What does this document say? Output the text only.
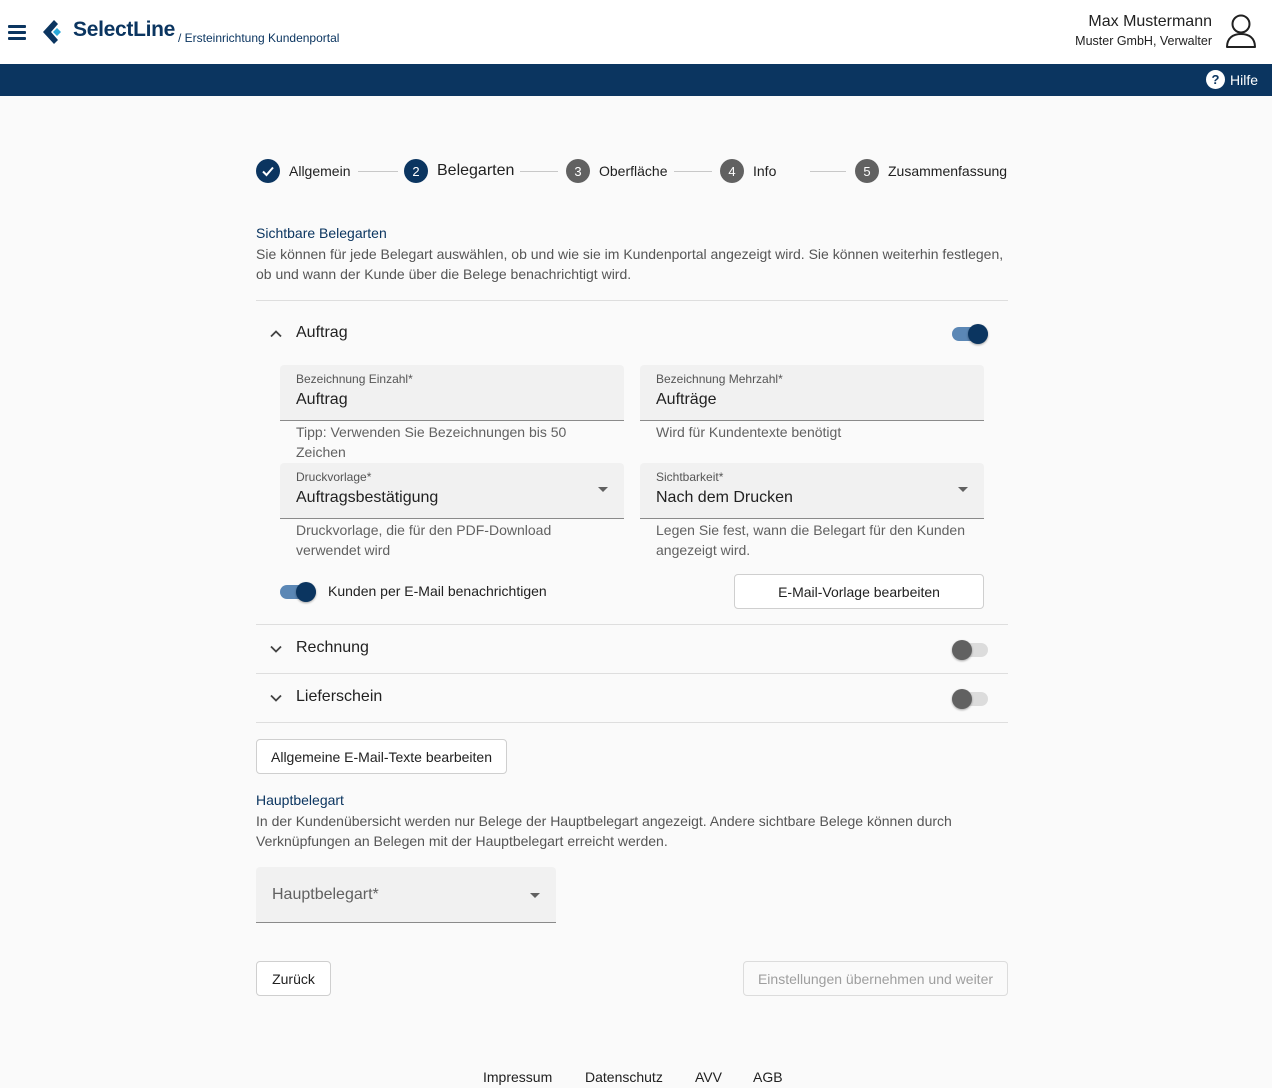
SelectLine / Ersteinrichtung Kundenportal
Max Mustermann
Muster GmbH, Verwalter
? Hilfe
Allgemein	2	Belegarten	3	Oberfläche	4	Info	5	Zusammenfassung
Sichtbare Belegarten
Sie können für jede Belegart auswählen, ob und wie sie im Kundenportal angezeigt wird. Sie können weiterhin festlegen, ob und wann der Kunde über die Belege benachrichtigt wird.
Auftrag
Bezeichnung Einzahl*
Auftrag
Tipp: Verwenden Sie Bezeichnungen bis 50 Zeichen
Bezeichnung Mehrzahl*
Aufträge
Wird für Kundentexte benötigt
Druckvorlage*
Auftragsbestätigung
Druckvorlage, die für den PDF-Download verwendet wird
Sichtbarkeit*
Nach dem Drucken
Legen Sie fest, wann die Belegart für den Kunden angezeigt wird.
Kunden per E-Mail benachrichtigen	E-Mail-Vorlage bearbeiten
Rechnung
Lieferschein
Allgemeine E-Mail-Texte bearbeiten
Hauptbelegart
In der Kundenübersicht werden nur Belege der Hauptbelegart angezeigt. Andere sichtbare Belege können durch Verknüpfungen an Belegen mit der Hauptbelegart erreicht werden.
Hauptbelegart*
Zurück	Einstellungen übernehmen und weiter
Impressum Datenschutz AVV AGB
